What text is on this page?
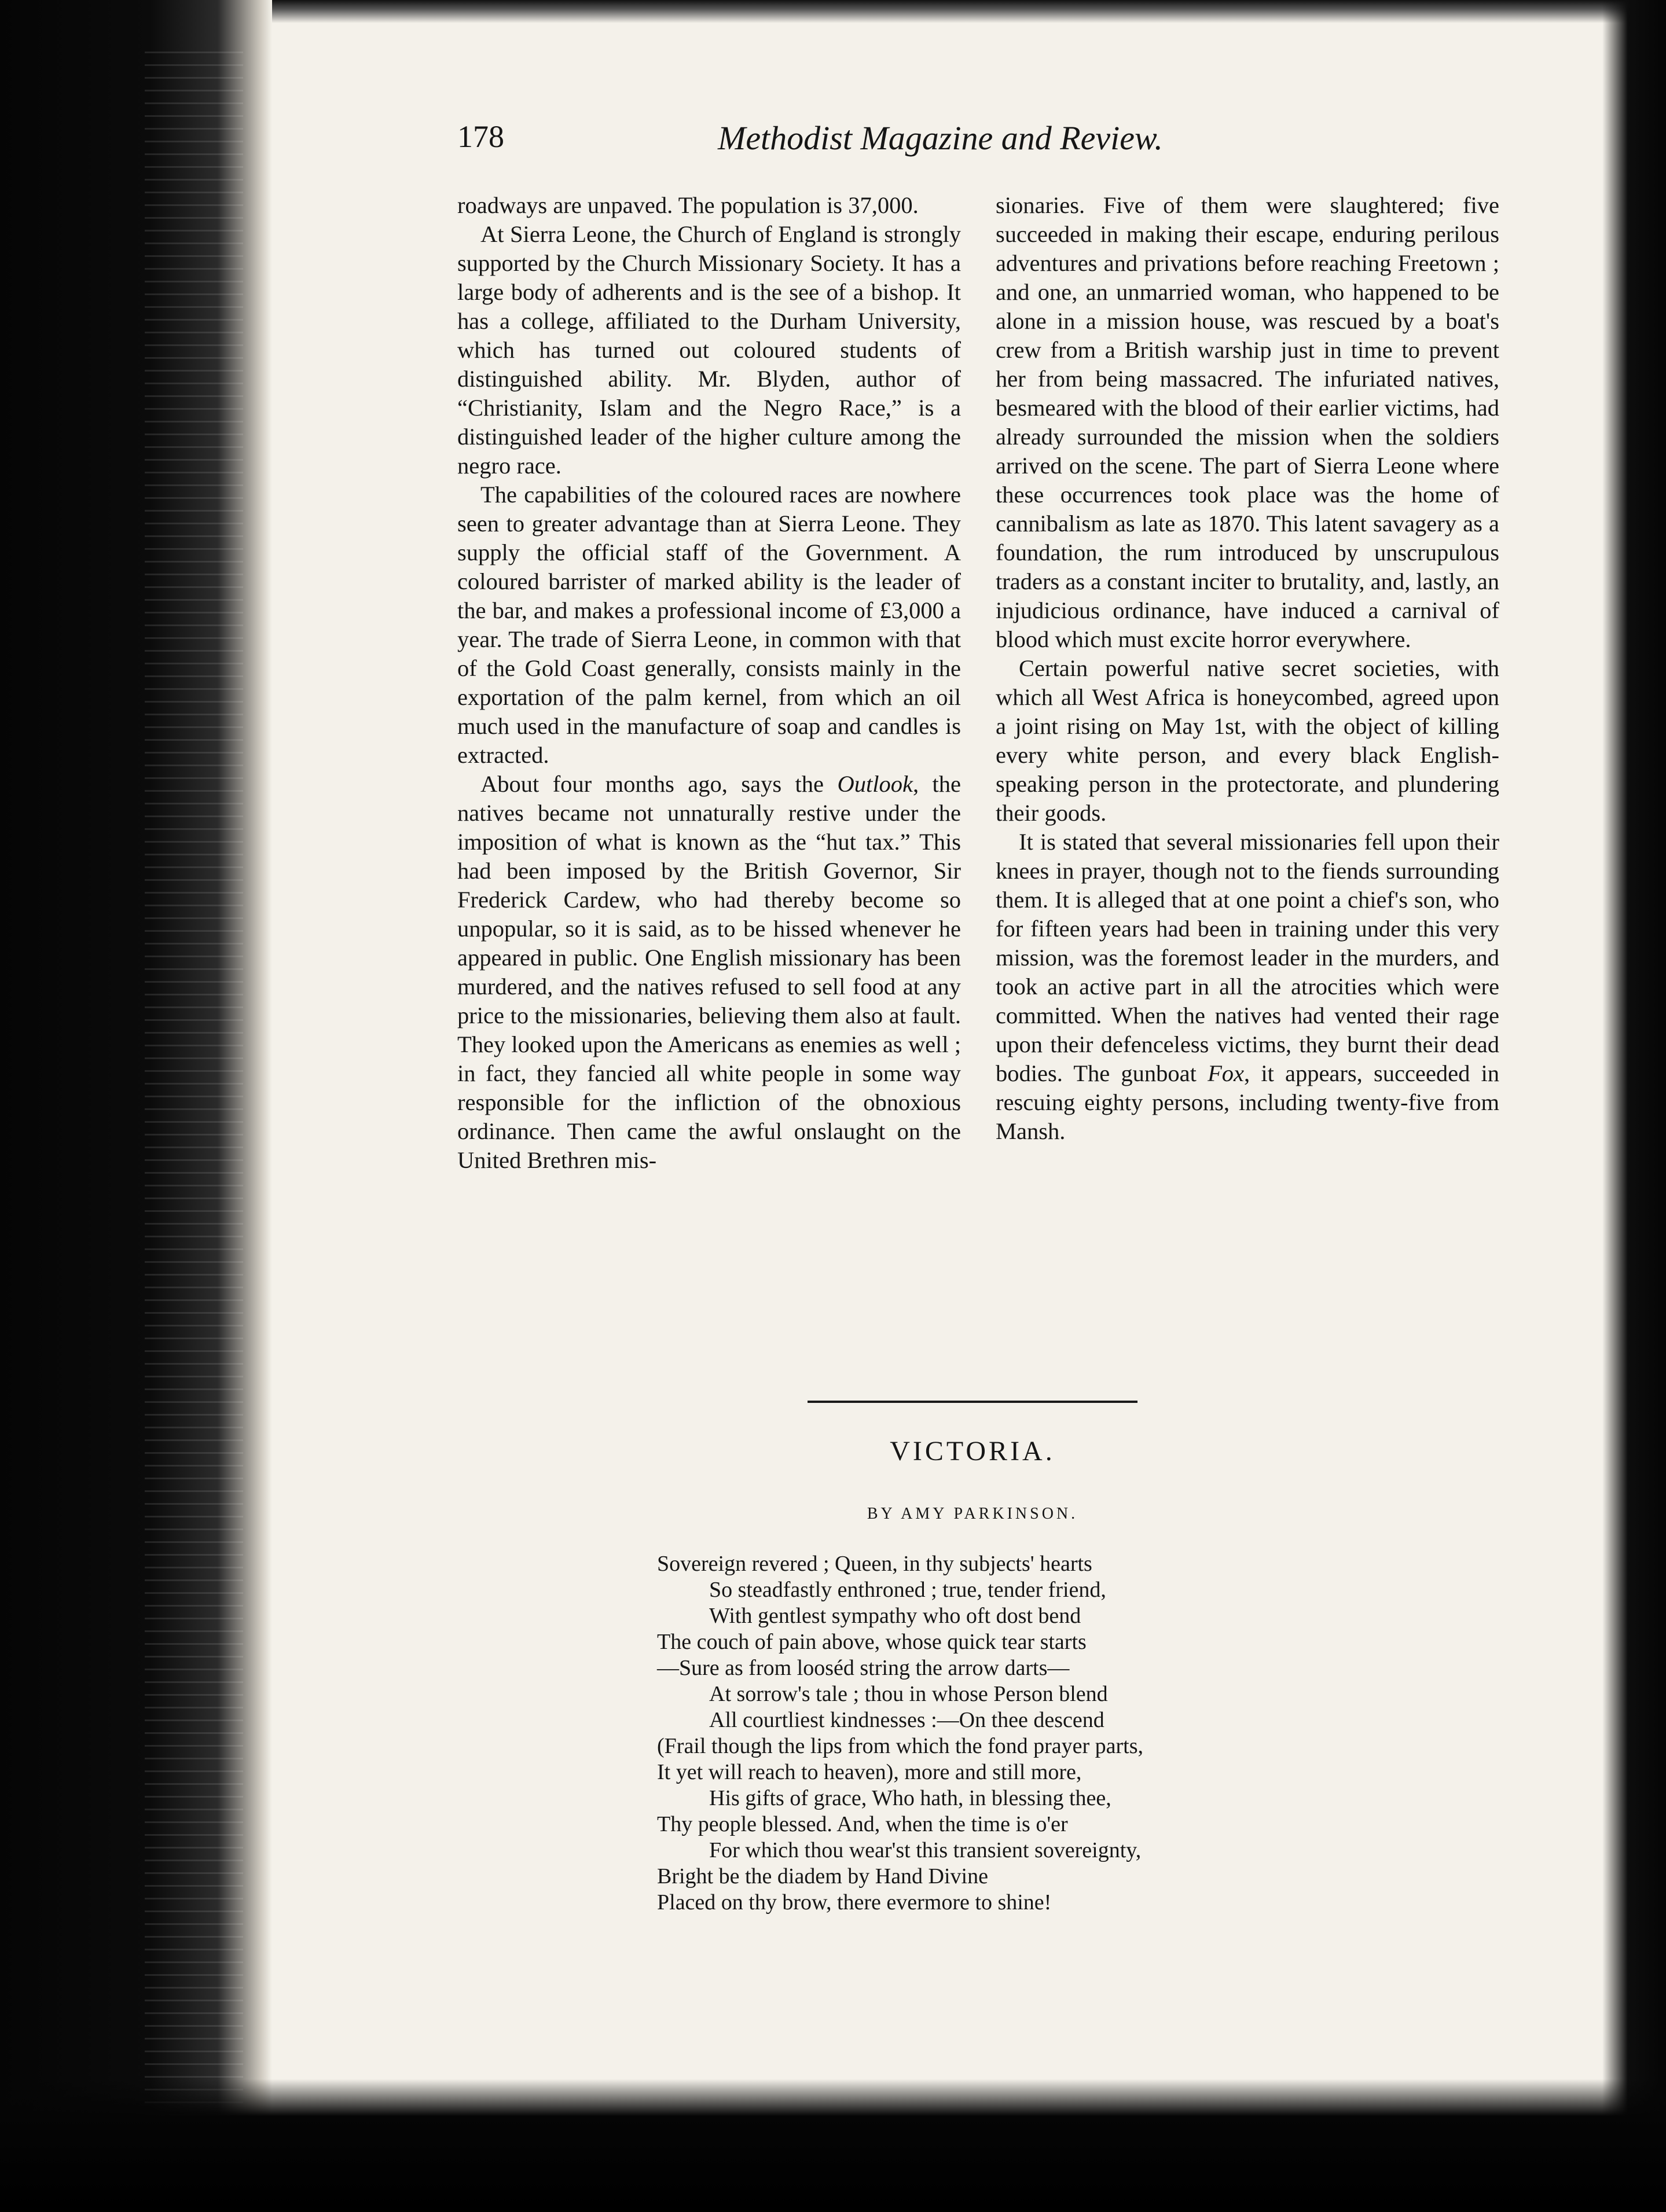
178	Methodist Magazine and Review.

roadways are unpaved. The population is 37,000.

At Sierra Leone, the Church of England is strongly supported by the Church Missionary Society. It has a large body of adherents and is the see of a bishop. It has a college, affiliated to the Durham University, which has turned out coloured students of distinguished ability. Mr. Blyden, author of “Christianity, Islam and the Negro Race,” is a distinguished leader of the higher culture among the negro race.

The capabilities of the coloured races are nowhere seen to greater advantage than at Sierra Leone. They supply the official staff of the Government. A coloured barrister of marked ability is the leader of the bar, and makes a professional income of £3,000 a year. The trade of Sierra Leone, in common with that of the Gold Coast generally, consists mainly in the exportation of the palm kernel, from which an oil much used in the manufacture of soap and candles is extracted.

About four months ago, says the Outlook, the natives became not unnaturally restive under the imposition of what is known as the “hut tax.” This had been imposed by the British Governor, Sir Frederick Cardew, who had thereby become so unpopular, so it is said, as to be hissed whenever he appeared in public. One English missionary has been murdered, and the natives refused to sell food at any price to the missionaries, believing them also at fault. They looked upon the Americans as enemies as well ; in fact, they fancied all white people in some way responsible for the infliction of the obnoxious ordinance. Then came the awful onslaught on the United Brethren mis-

sionaries. Five of them were slaughtered; five succeeded in making their escape, enduring perilous adventures and privations before reaching Freetown ; and one, an unmarried woman, who happened to be alone in a mission house, was rescued by a boat's crew from a British warship just in time to prevent her from being massacred. The infuriated natives, besmeared with the blood of their earlier victims, had already surrounded the mission when the soldiers arrived on the scene. The part of Sierra Leone where these occurrences took place was the home of cannibalism as late as 1870. This latent savagery as a foundation, the rum introduced by unscrupulous traders as a constant inciter to brutality, and, lastly, an injudicious ordinance, have induced a carnival of blood which must excite horror everywhere.

Certain powerful native secret societies, with which all West Africa is honeycombed, agreed upon a joint rising on May 1st, with the object of killing every white person, and every black English-speaking person in the protectorate, and plundering their goods.

It is stated that several missionaries fell upon their knees in prayer, though not to the fiends surrounding them. It is alleged that at one point a chief's son, who for fifteen years had been in training under this very mission, was the foremost leader in the murders, and took an active part in all the atrocities which were committed. When the natives had vented their rage upon their defenceless victims, they burnt their dead bodies. The gunboat Fox, it appears, succeeded in rescuing eighty persons, including twenty-five from Mansh.

VICTORIA.
BY AMY PARKINSON.
Sovereign revered ; Queen, in thy subjects' hearts
So steadfastly enthroned ; true, tender friend,
With gentlest sympathy who oft dost bend
The couch of pain above, whose quick tear starts
—Sure as from looséd string the arrow darts—
At sorrow's tale ; thou in whose Person blend
All courtliest kindnesses :—On thee descend
(Frail though the lips from which the fond prayer parts,
It yet will reach to heaven), more and still more,
His gifts of grace, Who hath, in blessing thee,
Thy people blessed. And, when the time is o'er
For which thou wear'st this transient sovereignty,
Bright be the diadem by Hand Divine
Placed on thy brow, there evermore to shine!
